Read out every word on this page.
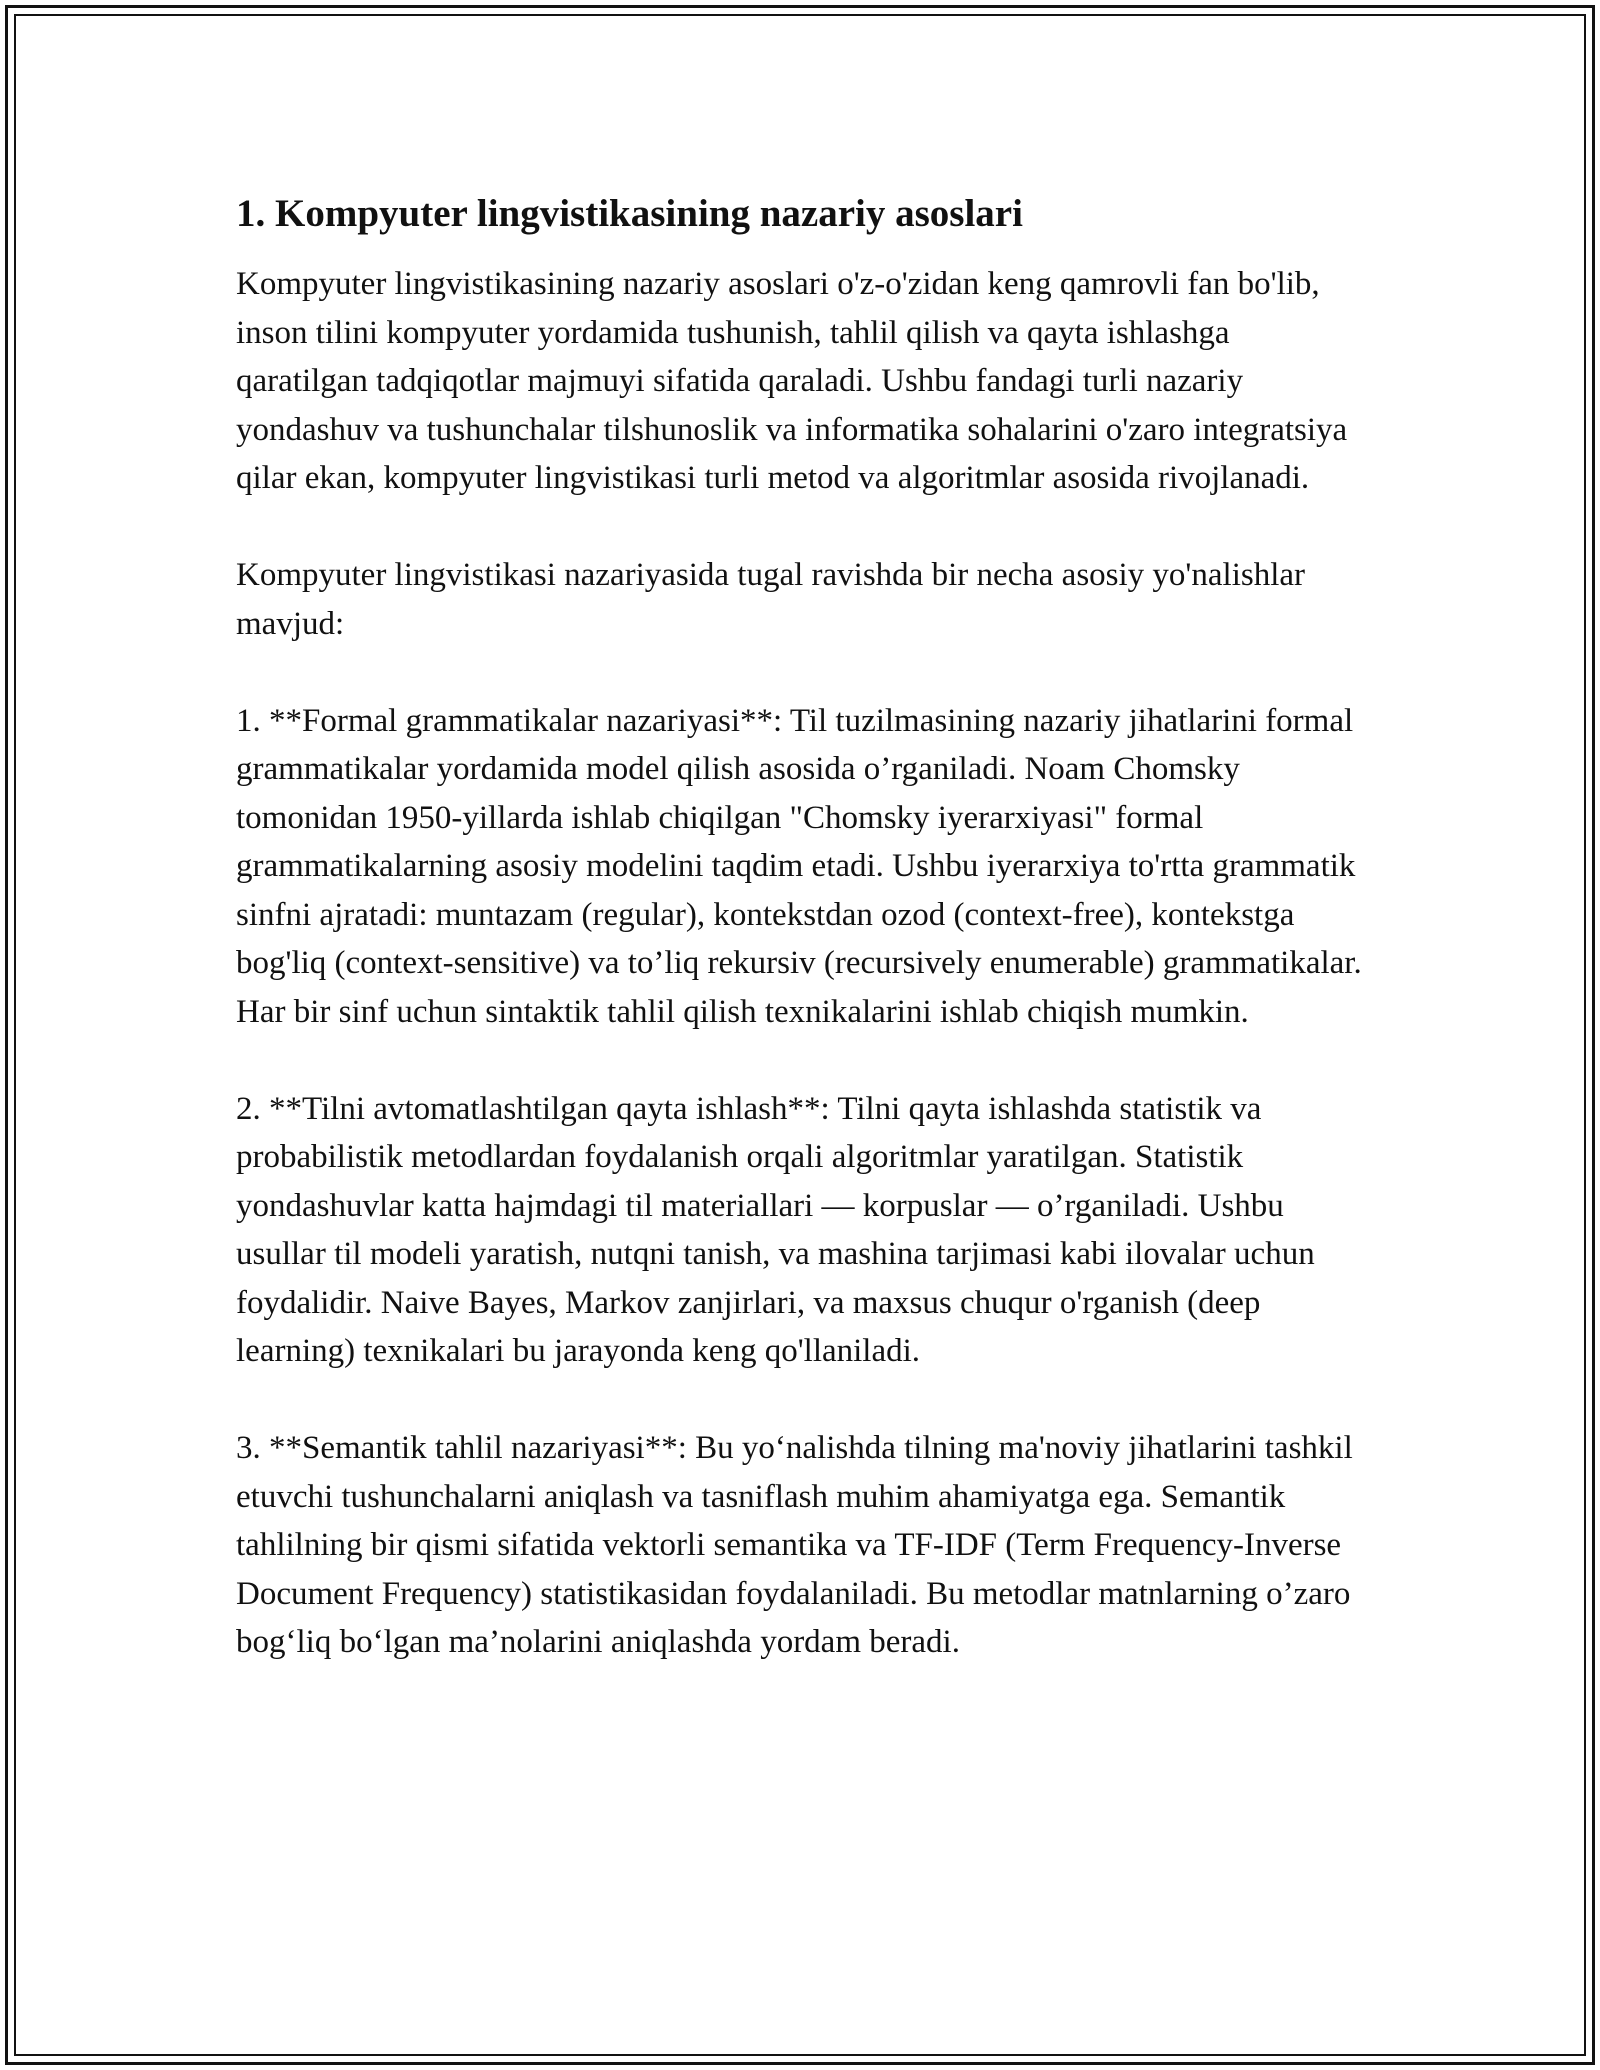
1. Kompyuter lingvistikasining nazariy asoslari

Kompyuter lingvistikasining nazariy asoslari o'z-o'zidan keng qamrovli fan bo'lib, inson tilini kompyuter yordamida tushunish, tahlil qilish va qayta ishlashga qaratilgan tadqiqotlar majmuyi sifatida qaraladi. Ushbu fandagi turli nazariy yondashuv va tushunchalar tilshunoslik va informatika sohalarini o'zaro integratsiya qilar ekan, kompyuter lingvistikasi turli metod va algoritmlar asosida rivojlanadi.

Kompyuter lingvistikasi nazariyasida tugal ravishda bir necha asosiy yo'nalishlar mavjud:

1. **Formal grammatikalar nazariyasi**: Til tuzilmasining nazariy jihatlarini formal grammatikalar yordamida model qilish asosida o’rganiladi. Noam Chomsky tomonidan 1950-yillarda ishlab chiqilgan "Chomsky iyerarxiyasi" formal grammatikalarning asosiy modelini taqdim etadi. Ushbu iyerarxiya to'rtta grammatik sinfni ajratadi: muntazam (regular), kontekstdan ozod (context-free), kontekstga bog'liq (context-sensitive) va to’liq rekursiv (recursively enumerable) grammatikalar. Har bir sinf uchun sintaktik tahlil qilish texnikalarini ishlab chiqish mumkin.

2. **Tilni avtomatlashtilgan qayta ishlash**: Tilni qayta ishlashda statistik va probabilistik metodlardan foydalanish orqali algoritmlar yaratilgan. Statistik yondashuvlar katta hajmdagi til materiallari — korpuslar — o’rganiladi. Ushbu usullar til modeli yaratish, nutqni tanish, va mashina tarjimasi kabi ilovalar uchun foydalidir. Naive Bayes, Markov zanjirlari, va maxsus chuqur o'rganish (deep learning) texnikalari bu jarayonda keng qo'llaniladi.

3. **Semantik tahlil nazariyasi**: Bu yo‘nalishda tilning ma'noviy jihatlarini tashkil etuvchi tushunchalarni aniqlash va tasniflash muhim ahamiyatga ega. Semantik tahlilning bir qismi sifatida vektorli semantika va TF-IDF (Term Frequency-Inverse Document Frequency) statistikasidan foydalaniladi. Bu metodlar matnlarning o’zaro bog‘liq bo‘lgan ma’nolarini aniqlashda yordam beradi.
